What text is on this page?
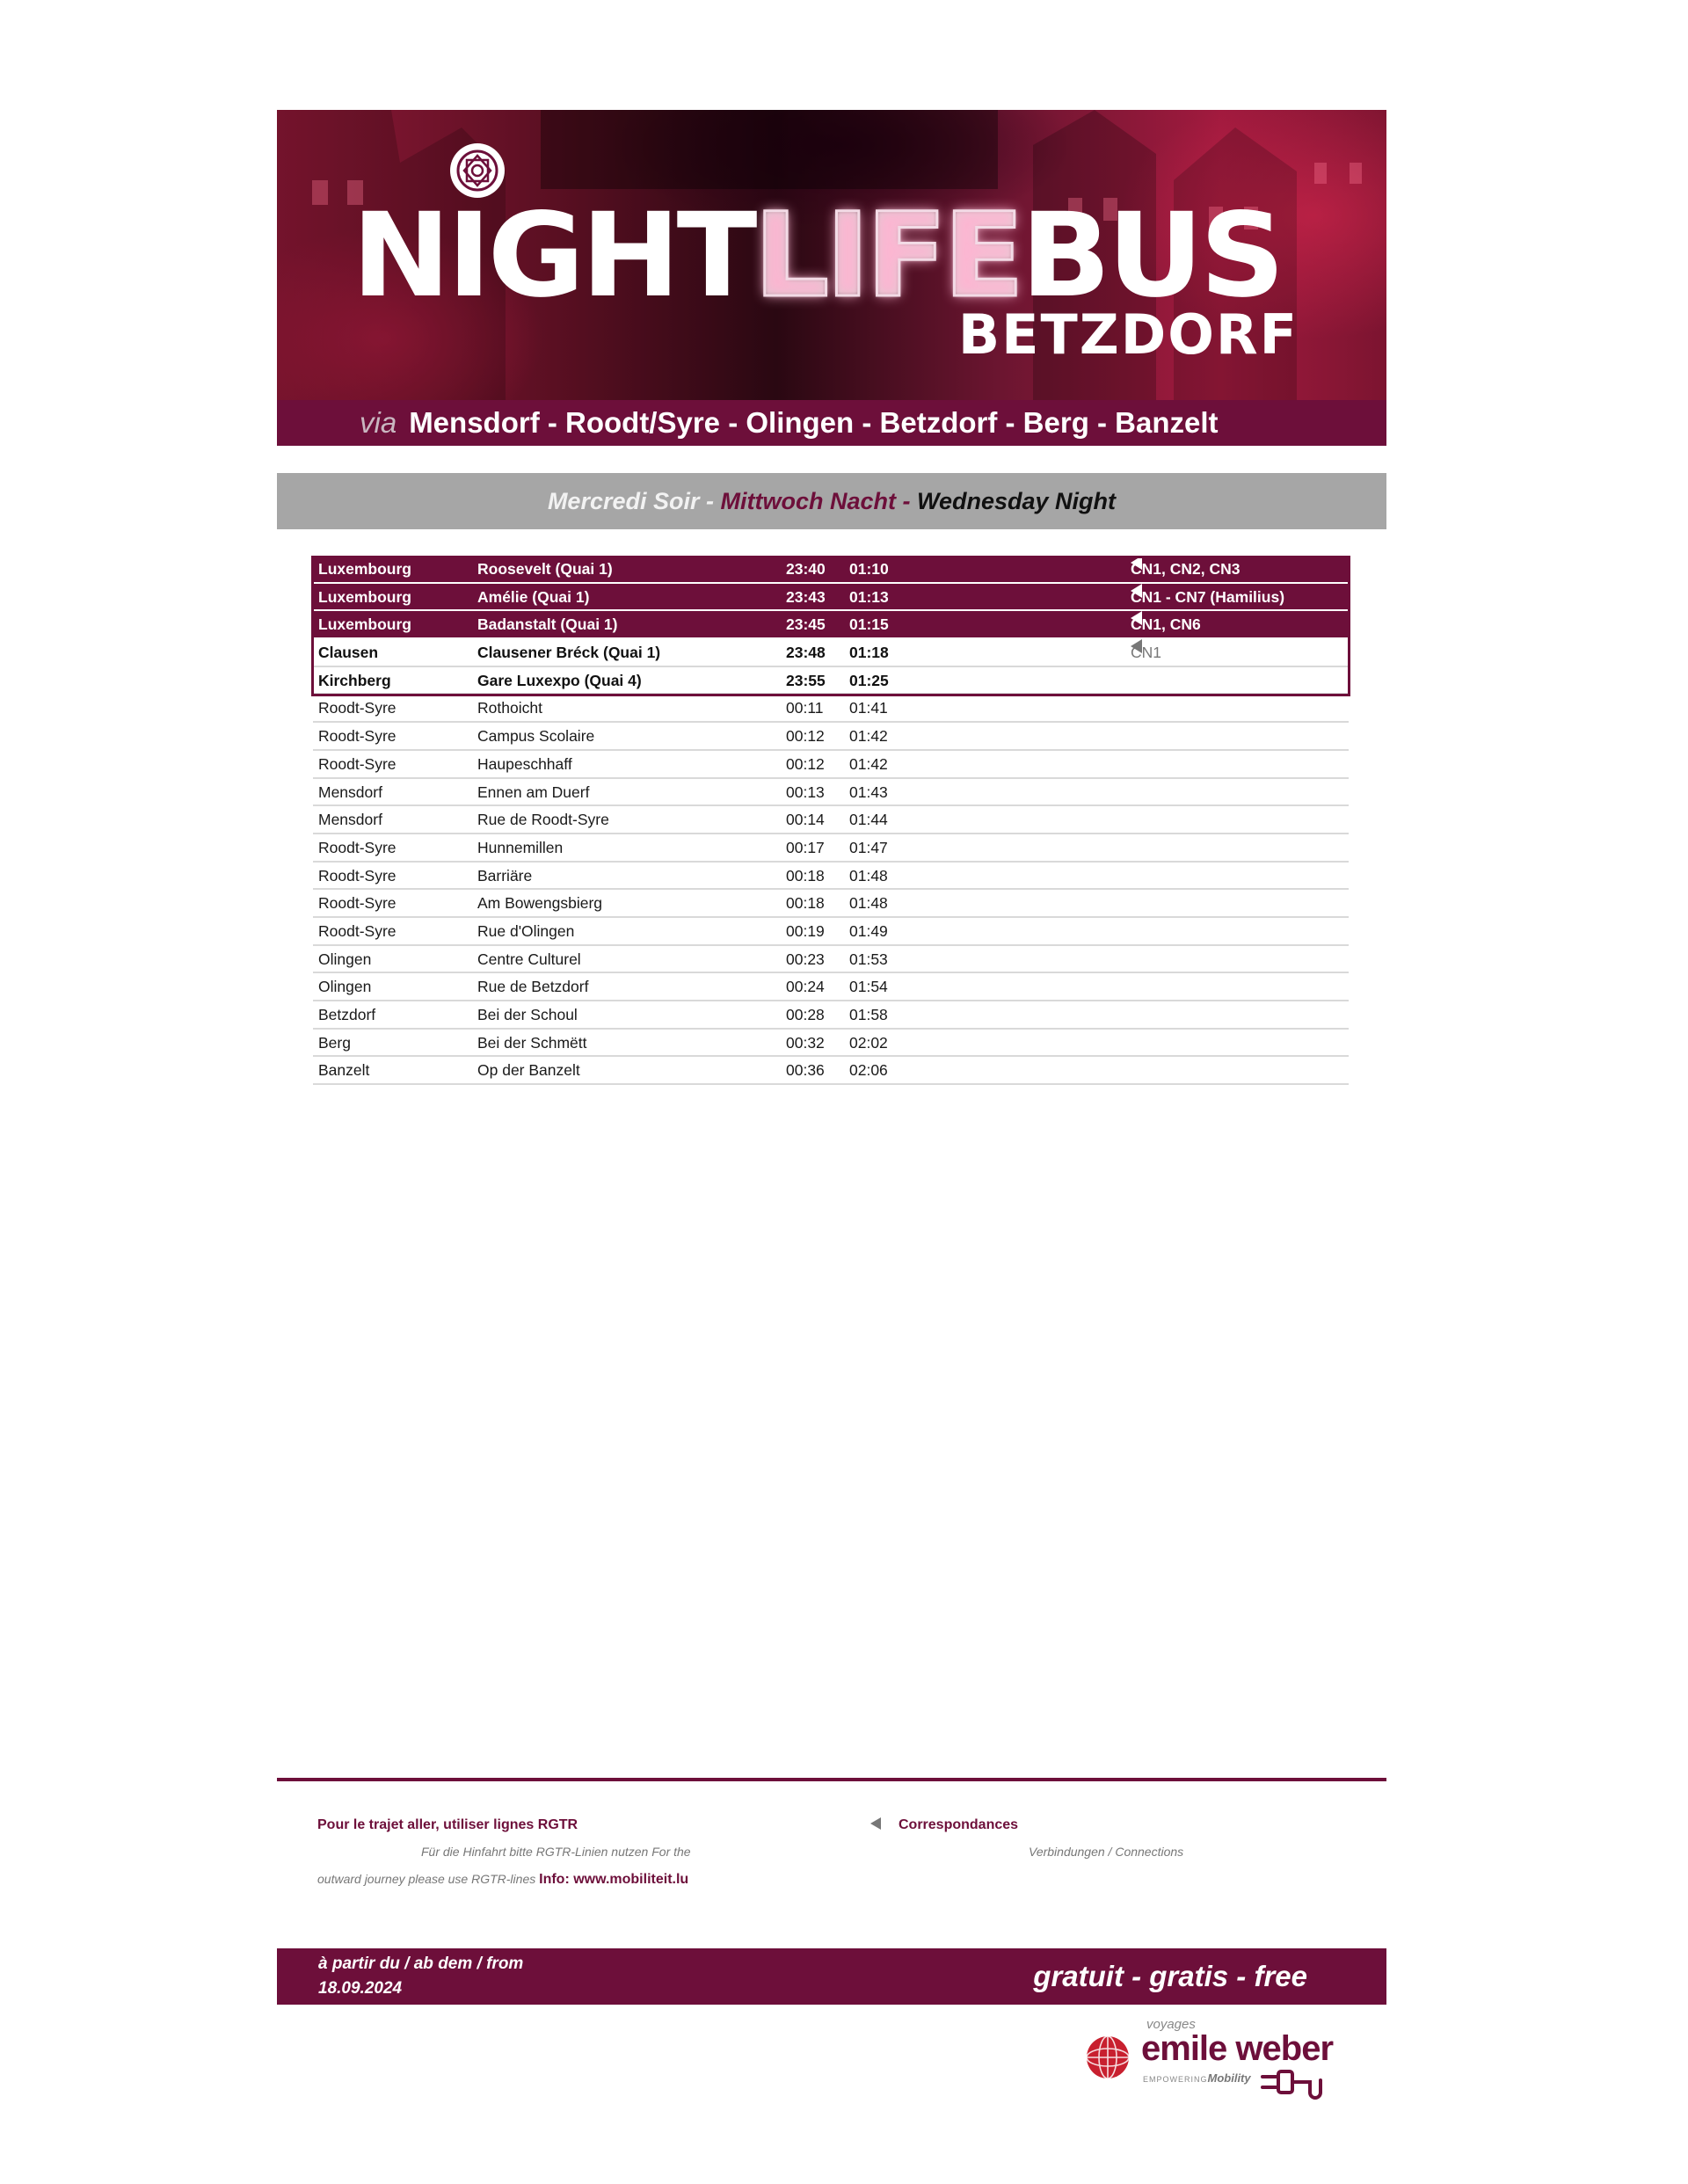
NIGHTLIFEBUS
BETZDORF
via Mensdorf - Roodt/Syre - Olingen - Betzdorf - Berg - Banzelt
Mercredi Soir - Mittwoch Nacht - Wednesday Night
Luxembourg	Roosevelt (Quai 1)	23:40 01:10	CN1, CN2, CN3
Luxembourg	Amélie (Quai 1)	23:43 01:13	CN1 - CN7 (Hamilius)
Luxembourg	Badanstalt (Quai 1)	23:45 01:15	CN1, CN6
Clausen	Clausener Bréck (Quai 1)	23:48 01:18	CN1
Kirchberg	Gare Luxexpo (Quai 4)	23:55 01:25
Roodt-Syre	Rothoicht	00:11 01:41
Roodt-Syre	Campus Scolaire	00:12 01:42
Roodt-Syre	Haupeschhaff	00:12 01:42
Mensdorf	Ennen am Duerf	00:13 01:43
Mensdorf	Rue de Roodt-Syre	00:14 01:44
Roodt-Syre	Hunnemillen	00:17 01:47
Roodt-Syre	Barriäre	00:18 01:48
Roodt-Syre	Am Bowengsbierg	00:18 01:48
Roodt-Syre	Rue d'Olingen	00:19 01:49
Olingen	Centre Culturel	00:23 01:53
Olingen	Rue de Betzdorf	00:24 01:54
Betzdorf	Bei der Schoul	00:28 01:58
Berg	Bei der Schmëtt	00:32 02:02
Banzelt	Op der Banzelt	00:36 02:06
Pour le trajet aller, utiliser lignes RGTR
Für die Hinfahrt bitte RGTR-Linien nutzen For the
outward journey please use RGTR-lines Info: www.mobiliteit.lu
Correspondances
Verbindungen / Connections
à partir du / ab dem / from
18.09.2024	gratuit - gratis - free
voyages
emile weber
EMPOWERINGMobility
